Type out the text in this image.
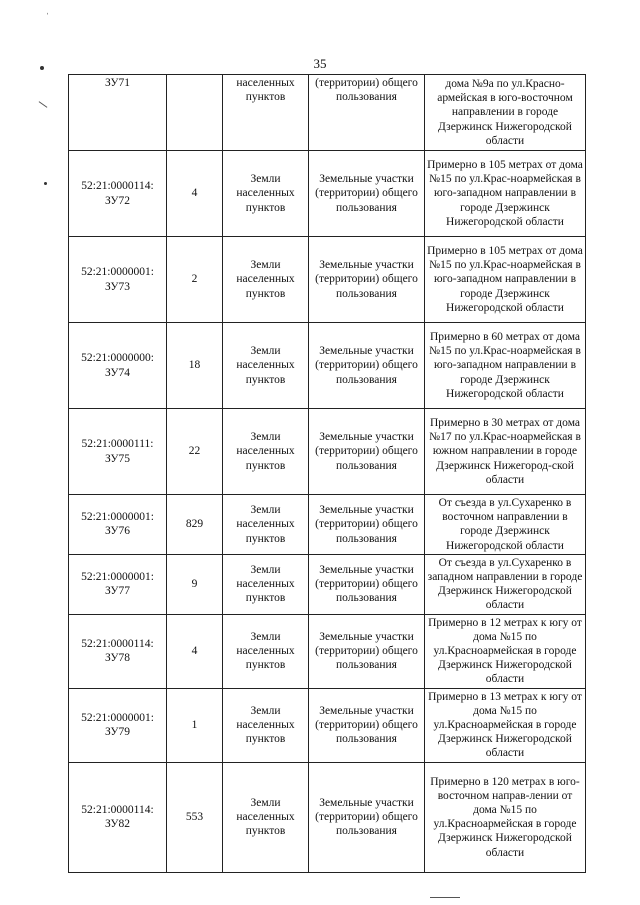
ˈ
35
ЗУ71		населенных пунктов	(территории) общего пользования	дома №9а по ул.Красно-армейская в юго-восточном направлении в городе Дзержинск Нижегородской области
52:21:0000114: ЗУ72	4	Земли населенных пунктов	Земельные участки (территории) общего пользования	Примерно в 105 метрах от дома №15 по ул.Крас-ноармейская в юго-западном направлении в городе Дзержинск Нижегородской области
52:21:0000001: ЗУ73	2	Земли населенных пунктов	Земельные участки (территории) общего пользования	Примерно в 105 метрах от дома №15 по ул.Крас-ноармейская в юго-западном направлении в городе Дзержинск Нижегородской области
52:21:0000000: ЗУ74	18	Земли населенных пунктов	Земельные участки (территории) общего пользования	Примерно в 60 метрах от дома №15 по ул.Крас-ноармейская в юго-западном направлении в городе Дзержинск Нижегородской области
52:21:0000111: ЗУ75	22	Земли населенных пунктов	Земельные участки (территории) общего пользования	Примерно в 30 метрах от дома №17 по ул.Крас-ноармейская в южном направлении в городе Дзержинск Нижегород-ской области
52:21:0000001: ЗУ76	829	Земли населенных пунктов	Земельные участки (территории) общего пользования	От съезда в ул.Сухаренко в восточном направлении в городе Дзержинск Нижегородской области
52:21:0000001: ЗУ77	9	Земли населенных пунктов	Земельные участки (территории) общего пользования	От съезда в ул.Сухаренко в западном направлении в городе Дзержинск Нижегородской области
52:21:0000114: ЗУ78	4	Земли населенных пунктов	Земельные участки (территории) общего пользования	Примерно в 12 метрах к югу от дома №15 по ул.Красноармейская в городе Дзержинск Нижегородской области
52:21:0000001: ЗУ79	1	Земли населенных пунктов	Земельные участки (территории) общего пользования	Примерно в 13 метрах к югу от дома №15 по ул.Красноармейская в городе Дзержинск Нижегородской области
52:21:0000114: ЗУ82	553	Земли населенных пунктов	Земельные участки (территории) общего пользования	Примерно в 120 метрах в юго-восточном направ-лении от дома №15 по ул.Красноармейская в городе Дзержинск Нижегородской области
